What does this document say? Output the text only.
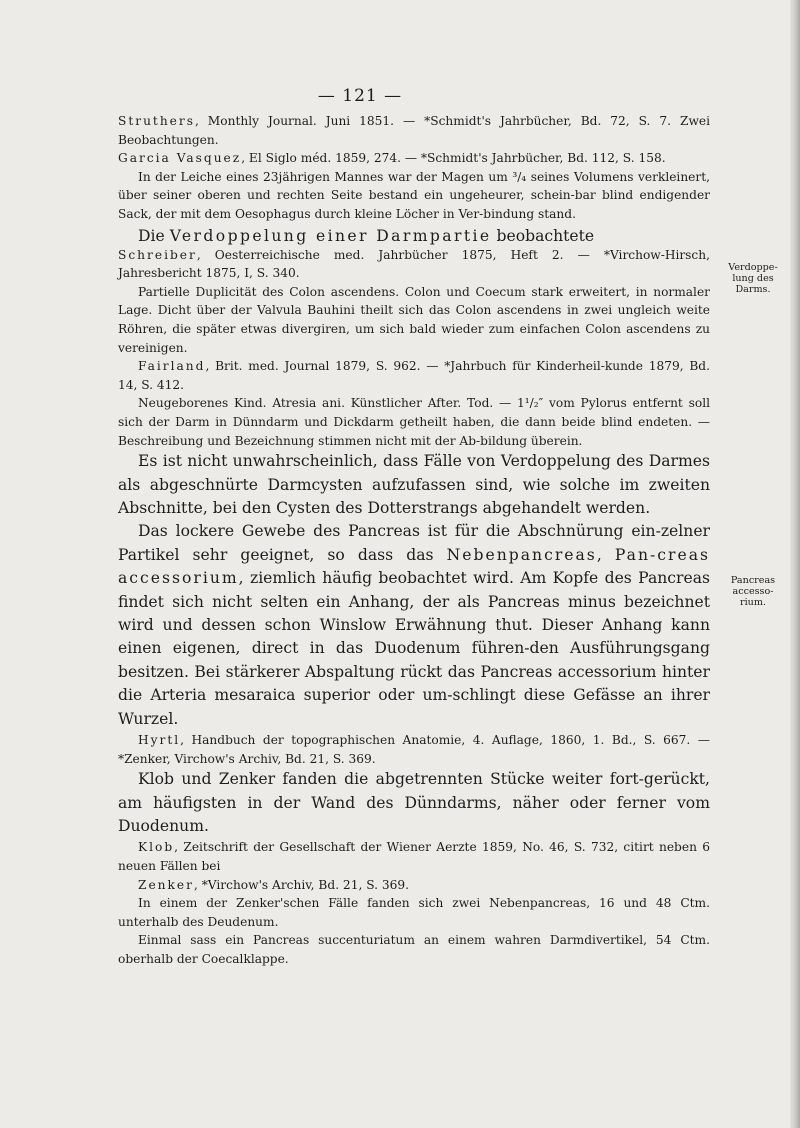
— 121 —
Verdoppe-
lung des
Darms.
Pancreas
accesso-
rium.

Struthers, Monthly Journal. Juni 1851. — *Schmidt's Jahrbücher, Bd. 72, S. 7. Zwei Beobachtungen.

Garcia Vasquez, El Siglo méd. 1859, 274. — *Schmidt's Jahrbücher, Bd. 112, S. 158.

In der Leiche eines 23jährigen Mannes war der Magen um ³/₄ seines Volumens verkleinert, über seiner oberen und rechten Seite bestand ein ungeheurer, schein-bar blind endigender Sack, der mit dem Oesophagus durch kleine Löcher in Ver-bindung stand.

Die Verdoppelung einer Darmpartie beobachtete

Schreiber, Oesterreichische med. Jahrbücher 1875, Heft 2. — *Virchow-Hirsch, Jahresbericht 1875, I, S. 340.

Partielle Duplicität des Colon ascendens. Colon und Coecum stark erweitert, in normaler Lage. Dicht über der Valvula Bauhini theilt sich das Colon ascendens in zwei ungleich weite Röhren, die später etwas divergiren, um sich bald wieder zum einfachen Colon ascendens zu vereinigen.

Fairland, Brit. med. Journal 1879, S. 962. — *Jahrbuch für Kinderheil-kunde 1879, Bd. 14, S. 412.

Neugeborenes Kind. Atresia ani. Künstlicher After. Tod. — 1¹/₂″ vom Pylorus entfernt soll sich der Darm in Dünndarm und Dickdarm getheilt haben, die dann beide blind endeten. — Beschreibung und Bezeichnung stimmen nicht mit der Ab-bildung überein.

Es ist nicht unwahrscheinlich, dass Fälle von Verdoppelung des Darmes als abgeschnürte Darmcysten aufzufassen sind, wie solche im zweiten Abschnitte, bei den Cysten des Dotterstrangs abgehandelt werden.

Das lockere Gewebe des Pancreas ist für die Abschnürung ein-zelner Partikel sehr geeignet, so dass das Nebenpancreas, Pan-creas accessorium, ziemlich häufig beobachtet wird. Am Kopfe des Pancreas findet sich nicht selten ein Anhang, der als Pancreas minus bezeichnet wird und dessen schon Winslow Erwähnung thut. Dieser Anhang kann einen eigenen, direct in das Duodenum führen-den Ausführungsgang besitzen. Bei stärkerer Abspaltung rückt das Pancreas accessorium hinter die Arteria mesaraica superior oder um-schlingt diese Gefässe an ihrer Wurzel.

Hyrtl, Handbuch der topographischen Anatomie, 4. Auflage, 1860, 1. Bd., S. 667. — *Zenker, Virchow's Archiv, Bd. 21, S. 369.

Klob und Zenker fanden die abgetrennten Stücke weiter fort-gerückt, am häufigsten in der Wand des Dünndarms, näher oder ferner vom Duodenum.

Klob, Zeitschrift der Gesellschaft der Wiener Aerzte 1859, No. 46, S. 732, citirt neben 6 neuen Fällen bei

Zenker, *Virchow's Archiv, Bd. 21, S. 369.

In einem der Zenker'schen Fälle fanden sich zwei Nebenpancreas, 16 und 48 Ctm. unterhalb des Deudenum.

Einmal sass ein Pancreas succenturiatum an einem wahren Darmdivertikel, 54 Ctm. oberhalb der Coecalklappe.
